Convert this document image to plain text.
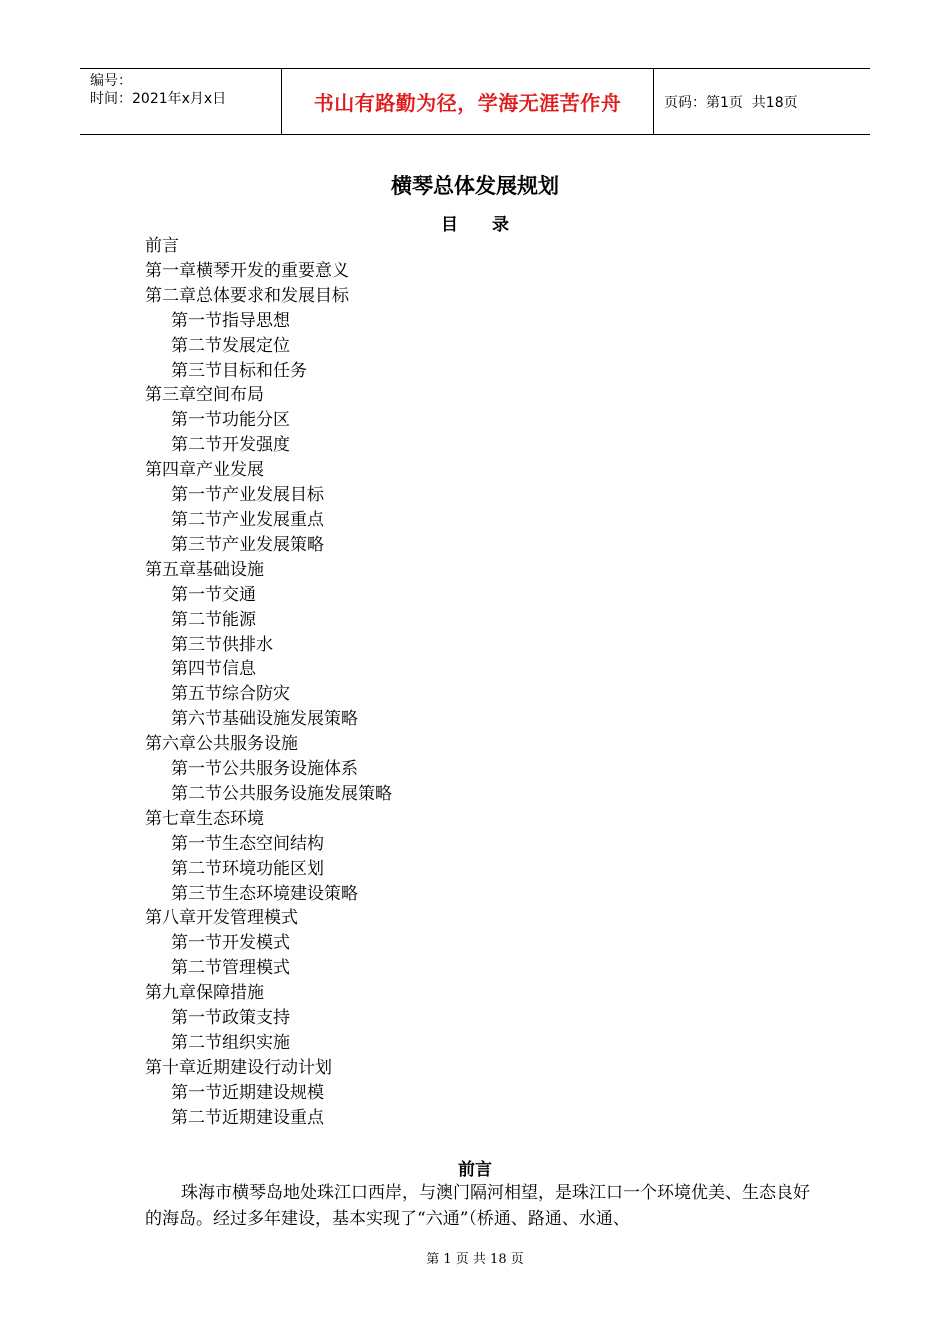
编号：
时间：2021年x月x日	书山有路勤为径，学海无涯苦作舟	页码：第1页  共18页
横琴总体发展规划
目 录
前言
第一章横琴开发的重要意义
第二章总体要求和发展目标
第一节指导思想
第二节发展定位
第三节目标和任务
第三章空间布局
第一节功能分区
第二节开发强度
第四章产业发展
第一节产业发展目标
第二节产业发展重点
第三节产业发展策略
第五章基础设施
第一节交通
第二节能源
第三节供排水
第四节信息
第五节综合防灾
第六节基础设施发展策略
第六章公共服务设施
第一节公共服务设施体系
第二节公共服务设施发展策略
第七章生态环境
第一节生态空间结构
第二节环境功能区划
第三节生态环境建设策略
第八章开发管理模式
第一节开发模式
第二节管理模式
第九章保障措施
第一节政策支持
第二节组织实施
第十章近期建设行动计划
第一节近期建设规模
第二节近期建设重点
前言

珠海市横琴岛地处珠江口西岸，与澳门隔河相望，是珠江口一个环境优美、生态良好的海岛。经过多年建设，基本实现了“六通”（桥通、路通、水通、

第 1 页 共 18 页
